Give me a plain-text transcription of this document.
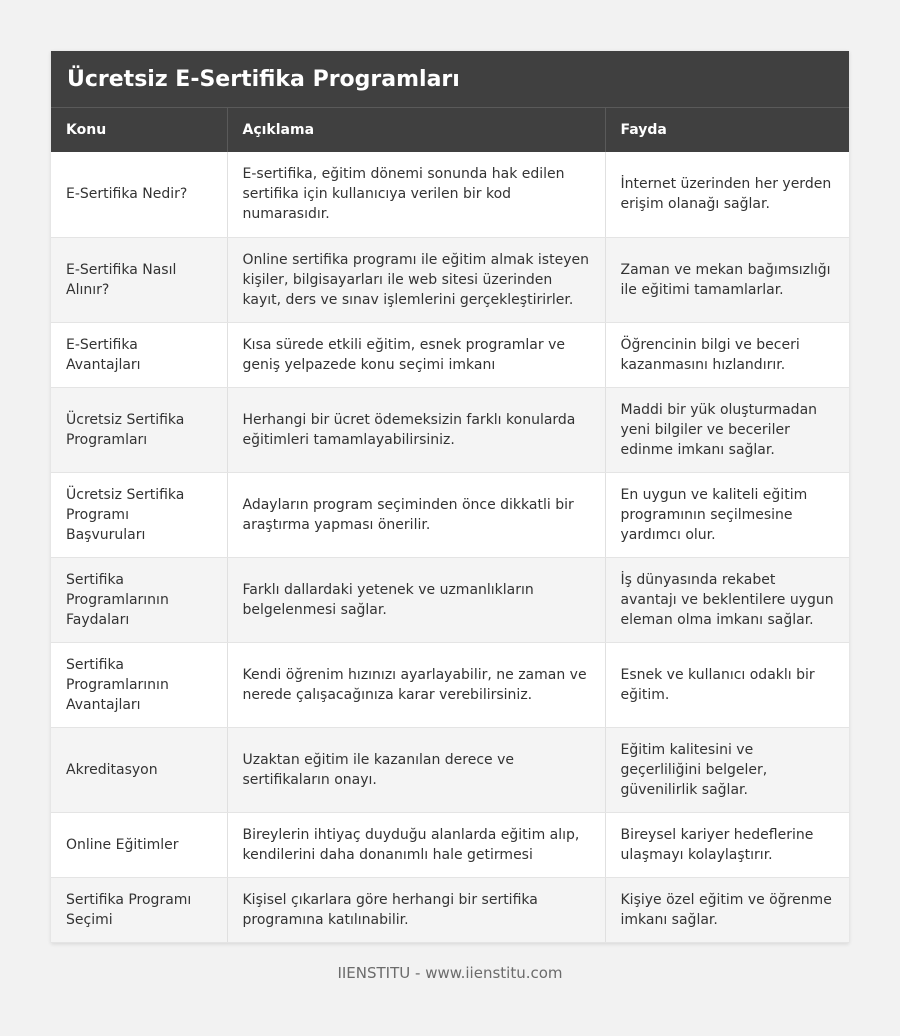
Ücretsiz E-Sertifika Programları
Konu	Açıklama	Fayda
E-Sertifika Nedir?	E-sertifika, eğitim dönemi sonunda hak edilen sertifika için kullanıcıya verilen bir kod numarasıdır.	İnternet üzerinden her yerden erişim olanağı sağlar.
E-Sertifika Nasıl Alınır?	Online sertifika programı ile eğitim almak isteyen kişiler, bilgisayarları ile web sitesi üzerinden kayıt, ders ve sınav işlemlerini gerçekleştirirler.	Zaman ve mekan bağımsızlığı ile eğitimi tamamlarlar.
E-Sertifika Avantajları	Kısa sürede etkili eğitim, esnek programlar ve geniş yelpazede konu seçimi imkanı	Öğrencinin bilgi ve beceri kazanmasını hızlandırır.
Ücretsiz Sertifika Programları	Herhangi bir ücret ödemeksizin farklı konularda eğitimleri tamamlayabilirsiniz.	Maddi bir yük oluşturmadan yeni bilgiler ve beceriler edinme imkanı sağlar.
Ücretsiz Sertifika Programı Başvuruları	Adayların program seçiminden önce dikkatli bir araştırma yapması önerilir.	En uygun ve kaliteli eğitim programının seçilmesine yardımcı olur.
Sertifika Programlarının Faydaları	Farklı dallardaki yetenek ve uzmanlıkların belgelenmesi sağlar.	İş dünyasında rekabet avantajı ve beklentilere uygun eleman olma imkanı sağlar.
Sertifika Programlarının Avantajları	Kendi öğrenim hızınızı ayarlayabilir, ne zaman ve nerede çalışacağınıza karar verebilirsiniz.	Esnek ve kullanıcı odaklı bir eğitim.
Akreditasyon	Uzaktan eğitim ile kazanılan derece ve sertifikaların onayı.	Eğitim kalitesini ve geçerliliğini belgeler, güvenilirlik sağlar.
Online Eğitimler	Bireylerin ihtiyaç duyduğu alanlarda eğitim alıp, kendilerini daha donanımlı hale getirmesi	Bireysel kariyer hedeflerine ulaşmayı kolaylaştırır.
Sertifika Programı Seçimi	Kişisel çıkarlara göre herhangi bir sertifika programına katılınabilir.	Kişiye özel eğitim ve öğrenme imkanı sağlar.
IIENSTITU - www.iienstitu.com
